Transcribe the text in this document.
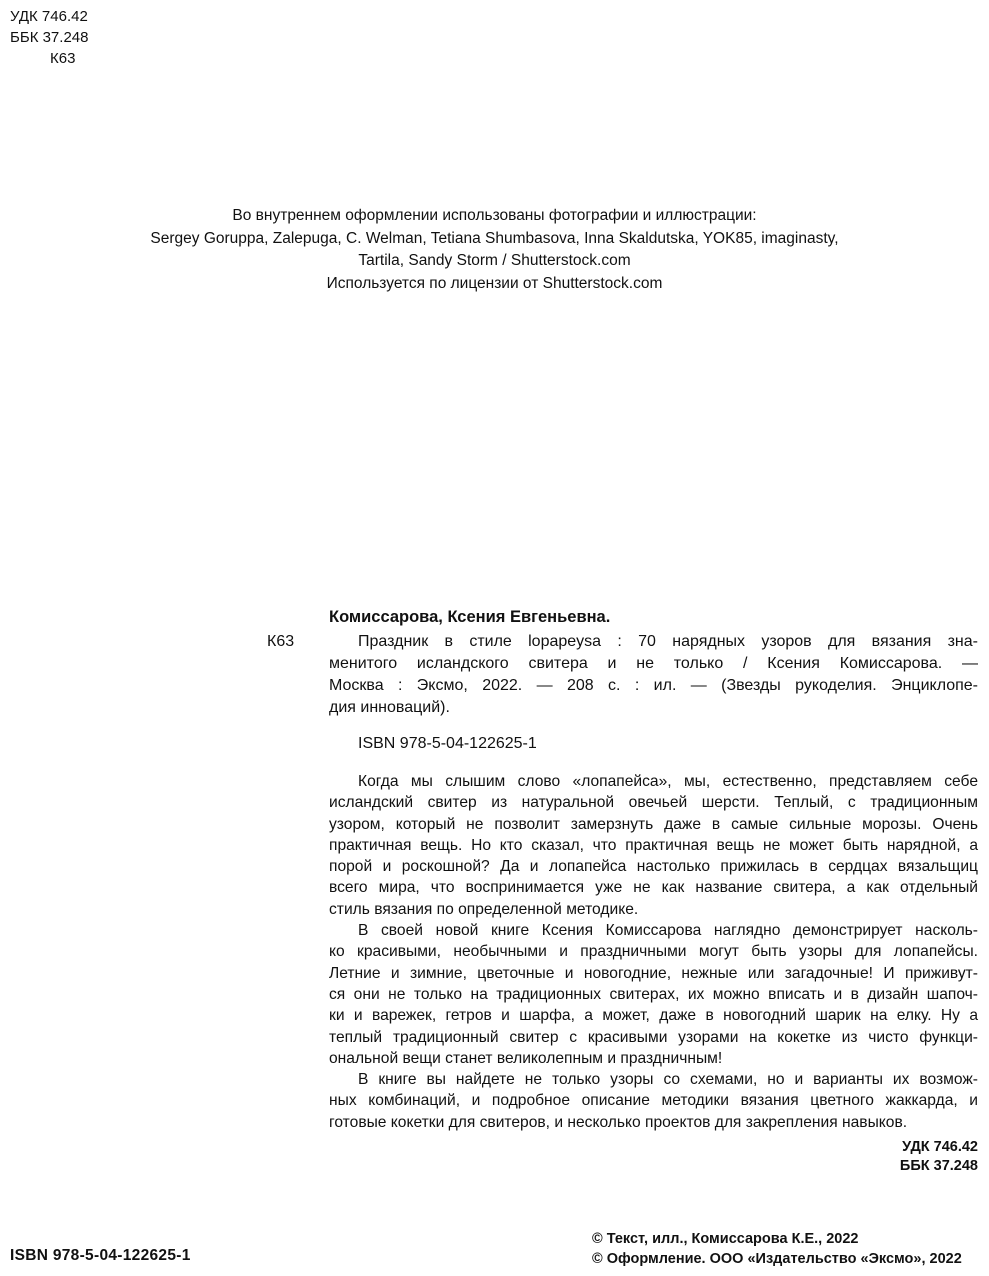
УДК 746.42
ББК 37.248
К63
Во внутреннем оформлении использованы фотографии и иллюстрации:
Sergey Goruppa, Zalepuga, C. Welman, Tetiana Shumbasova, Inna Skaldutska, YOK85, imaginasty,
Tartila, Sandy Storm / Shutterstock.com
Используется по лицензии от Shutterstock.com
К63
Комиссарова, Ксения Евгеньевна.
Праздник в стиле lopapeysa : 70 нарядных узоров для вязания зна-
менитого исландского свитера и не только / Ксения Комиссарова. —
Москва : Эксмо, 2022. — 208 с. : ил. — (Звезды рукоделия. Энциклопе-
дия инноваций).
ISBN 978-5-04-122625-1

Когда мы слышим слово «лопапейса», мы, естественно, представляем себе
исландский свитер из натуральной овечьей шерсти. Теплый, с традиционным
узором, который не позволит замерзнуть даже в самые сильные морозы. Очень
практичная вещь. Но кто сказал, что практичная вещь не может быть нарядной, а
порой и роскошной? Да и лопапейса настолько прижилась в сердцах вязальщиц
всего мира, что воспринимается уже не как название свитера, а как отдельный
стиль вязания по определенной методике.

В своей новой книге Ксения Комиссарова наглядно демонстрирует насколь-
ко красивыми, необычными и праздничными могут быть узоры для лопапейсы.
Летние и зимние, цветочные и новогодние, нежные или загадочные! И приживут-
ся они не только на традиционных свитерах, их можно вписать и в дизайн шапоч-
ки и варежек, гетров и шарфа, а может, даже в новогодний шарик на елку. Ну а
теплый традиционный свитер с красивыми узорами на кокетке из чисто функци-
ональной вещи станет великолепным и праздничным!

В книге вы найдете не только узоры со схемами, но и варианты их возмож-
ных комбинаций, и подробное описание методики вязания цветного жаккарда, и
готовые кокетки для свитеров, и несколько проектов для закрепления навыков.

УДК 746.42
ББК 37.248
ISBN 978-5-04-122625-1
© Текст, илл., Комиссарова К.Е., 2022
© Оформление. ООО «Издательство «Эксмо», 2022
